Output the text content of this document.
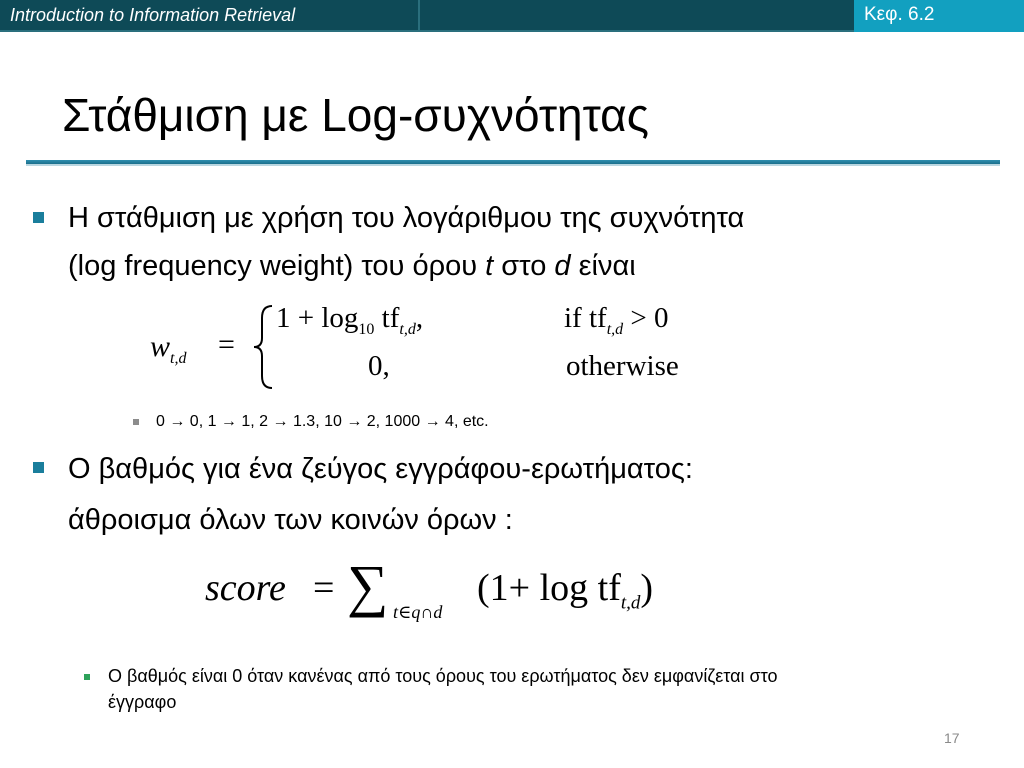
Introduction to Information Retrieval	Κεφ. 6.2
Στάθμιση με Log-συχνότητας
Η στάθμιση με χρήση του λογάριθμου της συχνότητα
(log frequency weight) του όρου t στο d είναι
$w_{t,d}$ =
$1 + \log_{10} tf_{t,d}$,	if $tf_{t,d} > 0$
0,	otherwise
0 → 0, 1 → 1, 2 → 1.3, 10 → 2, 1000 → 4, etc.
Ο βαθμός για ένα ζεύγος εγγράφου-ερωτήματος:
άθροισμα όλων των κοινών όρων :
score = ∑ t∈q∩d
$(1+ \log tf_{t,d})$
Ο βαθμός είναι 0 όταν κανένας από τους όρους του ερωτήματος δεν εμφανίζεται στο
έγγραφο
17
